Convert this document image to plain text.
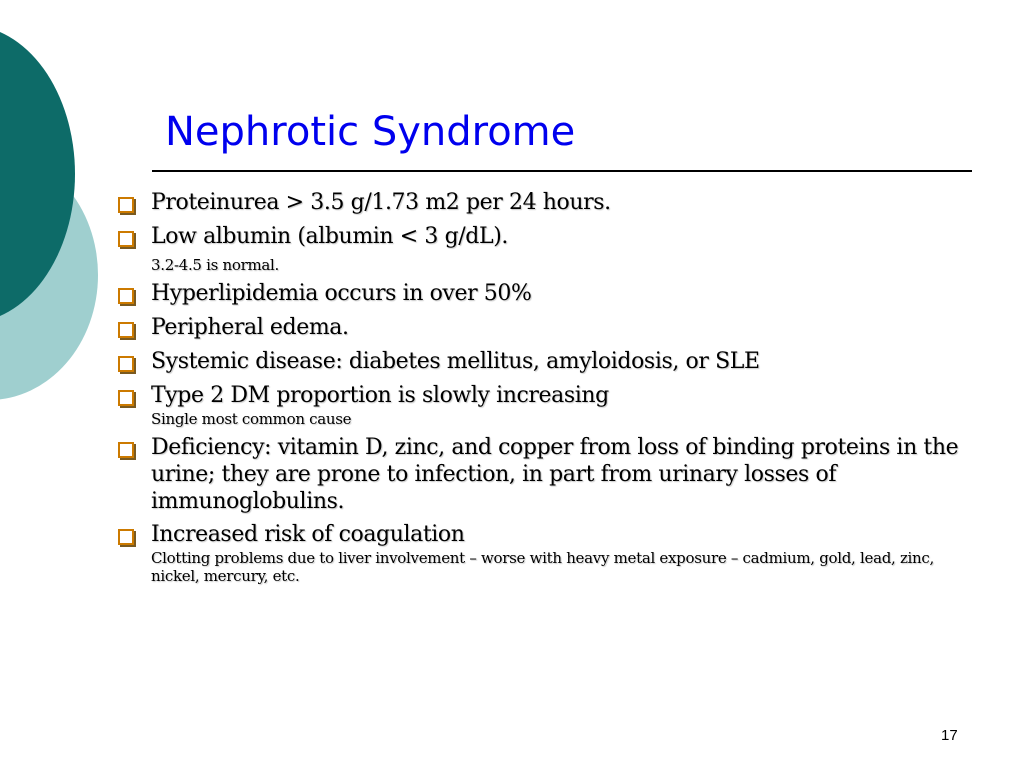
Nephrotic Syndrome
Proteinurea > 3.5 g/1.73 m2 per 24 hours.
Low albumin (albumin < 3 g/dL).
3.2-4.5 is normal.
Hyperlipidemia occurs in over 50%
Peripheral edema.
Systemic disease: diabetes mellitus, amyloidosis, or SLE
Type 2 DM proportion is slowly increasing
Single most common cause
Deficiency: vitamin D, zinc, and copper from loss of binding proteins in the urine; they are prone to infection, in part from urinary losses of immunoglobulins.
Increased risk of coagulation
Clotting problems due to liver involvement – worse with heavy metal exposure – cadmium, gold, lead, zinc, nickel, mercury, etc.
17
